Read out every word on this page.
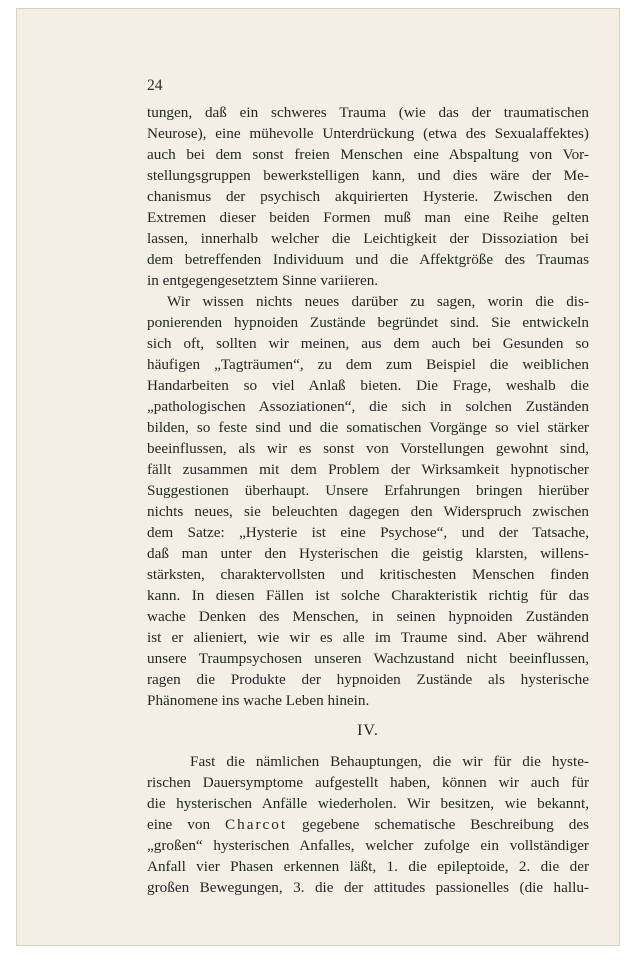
24
tungen, daß ein schweres Trauma (wie das der traumatischen
Neurose), eine mühevolle Unterdrückung (etwa des Sexualaffektes)
auch bei dem sonst freien Menschen eine Abspaltung von Vor-
stellungsgruppen bewerkstelligen kann, und dies wäre der Me-
chanismus der psychisch akquirierten Hysterie. Zwischen den
Extremen dieser beiden Formen muß man eine Reihe gelten
lassen, innerhalb welcher die Leichtigkeit der Dissoziation bei
dem betreffenden Individuum und die Affektgröße des Traumas
in entgegengesetztem Sinne variieren.
Wir wissen nichts neues darüber zu sagen, worin die dis-
ponierenden hypnoiden Zustände begründet sind. Sie entwickeln
sich oft, sollten wir meinen, aus dem auch bei Gesunden so
häufigen „Tagträumen“, zu dem zum Beispiel die weiblichen
Handarbeiten so viel Anlaß bieten. Die Frage, weshalb die
„pathologischen Assoziationen“, die sich in solchen Zuständen
bilden, so feste sind und die somatischen Vorgänge so viel stärker
beeinflussen, als wir es sonst von Vorstellungen gewohnt sind,
fällt zusammen mit dem Problem der Wirksamkeit hypnotischer
Suggestionen überhaupt. Unsere Erfahrungen bringen hierüber
nichts neues, sie beleuchten dagegen den Widerspruch zwischen
dem Satze: „Hysterie ist eine Psychose“, und der Tatsache,
daß man unter den Hysterischen die geistig klarsten, willens-
stärksten, charaktervollsten und kritischesten Menschen finden
kann. In diesen Fällen ist solche Charakteristik richtig für das
wache Denken des Menschen, in seinen hypnoiden Zuständen
ist er alieniert, wie wir es alle im Traume sind. Aber während
unsere Traumpsychosen unseren Wachzustand nicht beeinflussen,
ragen die Produkte der hypnoiden Zustände als hysterische
Phänomene ins wache Leben hinein.
IV.
Fast die nämlichen Behauptungen, die wir für die hyste-
rischen Dauersymptome aufgestellt haben, können wir auch für
die hysterischen Anfälle wiederholen. Wir besitzen, wie bekannt,
eine von Charcot gegebene schematische Beschreibung des
„großen“ hysterischen Anfalles, welcher zufolge ein vollständiger
Anfall vier Phasen erkennen läßt, 1. die epileptoide, 2. die der
großen Bewegungen, 3. die der attitudes passionelles (die hallu-
